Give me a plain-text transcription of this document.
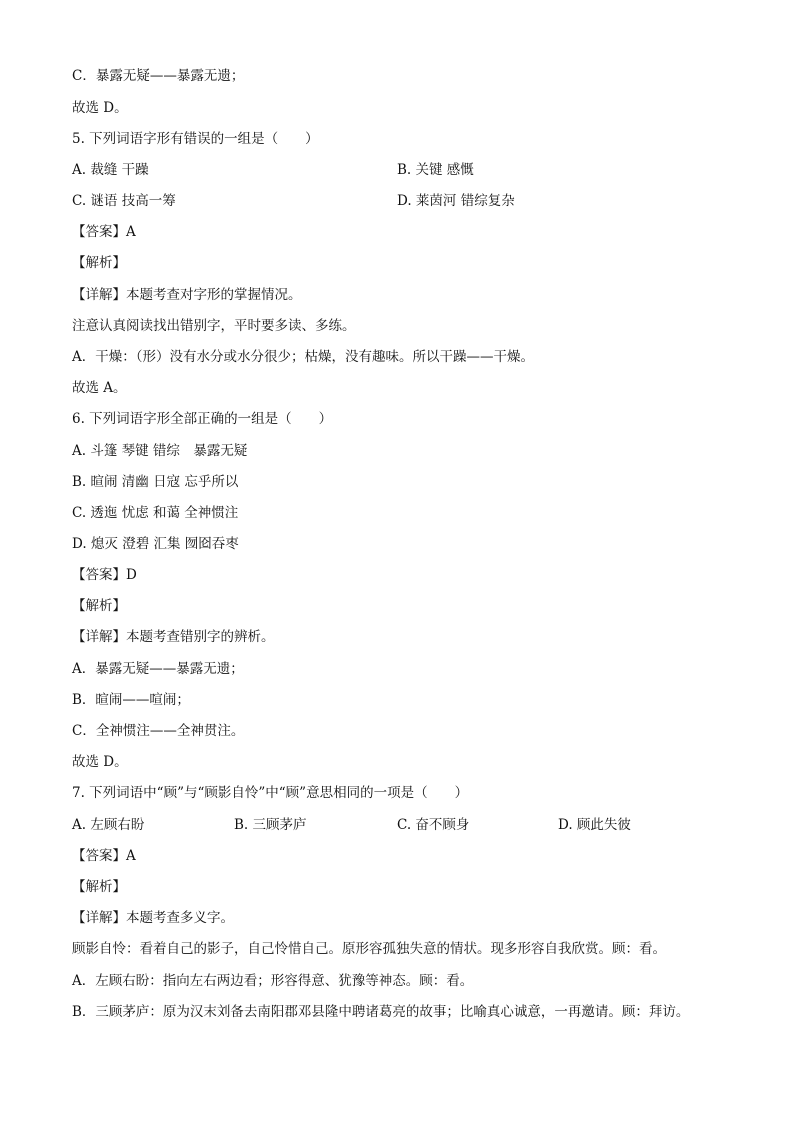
C．暴露无疑——暴露无遗；
故选 D。
5. 下列词语字形有错误的一组是（　　）
A. 裁缝 干躁	B. 关键 感慨
C. 谜语 技高一筹	D. 莱茵河 错综复杂
【答案】A
【解析】
【详解】本题考查对字形的掌握情况。
注意认真阅读找出错别字，平时要多读、多练。
A．干燥：（形）没有水分或水分很少；枯燥，没有趣味。所以干躁——干燥。
故选 A。
6. 下列词语字形全部正确的一组是（　　）
A. 斗篷 琴键 错综　暴露无疑
B. 暄闹 清幽 日寇 忘乎所以
C. 透迤 忧虑 和蔼 全神惯注
D. 熄灭 澄碧 汇集 囫囵吞枣
【答案】D
【解析】
【详解】本题考查错别字的辨析。
A．暴露无疑——暴露无遗；
B．暄闹——喧闹；
C．全神惯注——全神贯注。
故选 D。
7. 下列词语中“顾”与“顾影自怜”中“顾”意思相同的一项是（　　）
A. 左顾右盼	B. 三顾茅庐	C. 奋不顾身	D. 顾此失彼
【答案】A
【解析】
【详解】本题考查多义字。
顾影自怜：看着自己的影子，自己怜惜自己。原形容孤独失意的情状。现多形容自我欣赏。顾：看。
A．左顾右盼：指向左右两边看；形容得意、犹豫等神态。顾：看。
B．三顾茅庐：原为汉末刘备去南阳郡邓县隆中聘诸葛亮的故事；比喻真心诚意，一再邀请。顾：拜访。
